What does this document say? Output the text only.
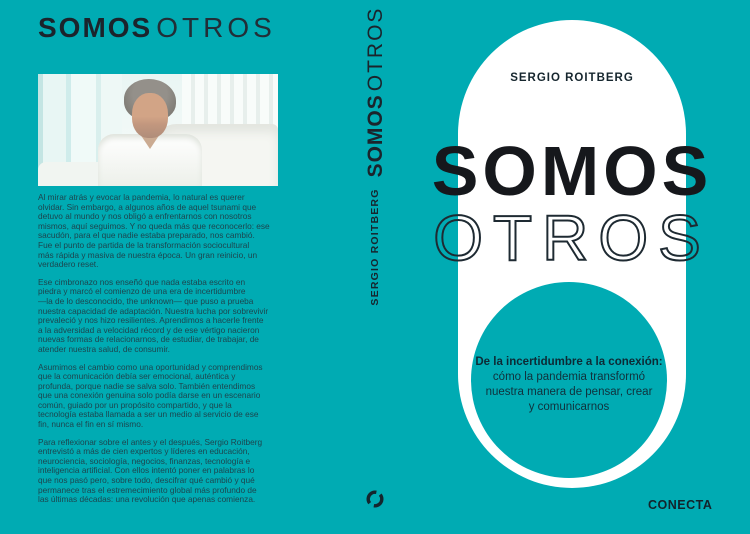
SOMOS OTROS

Al mirar atrás y evocar la pandemia, lo natural es querer
olvidar. Sin embargo, a algunos años de aquel tsunami que
detuvo al mundo y nos obligó a enfrentarnos con nosotros
mismos, aquí seguimos. Y no queda más que reconocerlo: ese
sacudón, para el que nadie estaba preparado, nos cambió.
Fue el punto de partida de la transformación sociocultural
más rápida y masiva de nuestra época. Un gran reinicio, un
verdadero reset.

Ese cimbronazo nos enseñó que nada estaba escrito en
piedra y marcó el comienzo de una era de incertidumbre
—la de lo desconocido, the unknown— que puso a prueba
nuestra capacidad de adaptación. Nuestra lucha por sobrevivir
prevaleció y nos hizo resilientes. Aprendimos a hacerle frente
a la adversidad a velocidad récord y de ese vértigo nacieron
nuevas formas de relacionarnos, de estudiar, de trabajar, de
atender nuestra salud, de consumir.

Asumimos el cambio como una oportunidad y comprendimos
que la comunicación debía ser emocional, auténtica y
profunda, porque nadie se salva solo. También entendimos
que una conexión genuina solo podía darse en un escenario
común, guiado por un propósito compartido, y que la
tecnología estaba llamada a ser un medio al servicio de ese
fin, nunca el fin en sí mismo.

Para reflexionar sobre el antes y el después, Sergio Roitberg
entrevistó a más de cien expertos y líderes en educación,
neurociencia, sociología, negocios, finanzas, tecnología e
inteligencia artificial. Con ellos intentó poner en palabras lo
que nos pasó pero, sobre todo, descifrar qué cambió y qué
permanece tras el estremecimiento global más profundo de
las últimas décadas: una revolución que apenas comienza.

SOMOSOTROS
SERGIO ROITBERG
SERGIO ROITBERG
SOMOS
OTROS
De la incertidumbre a la conexión:
cómo la pandemia transformó
nuestra manera de pensar, crear
y comunicarnos
CONECTA
